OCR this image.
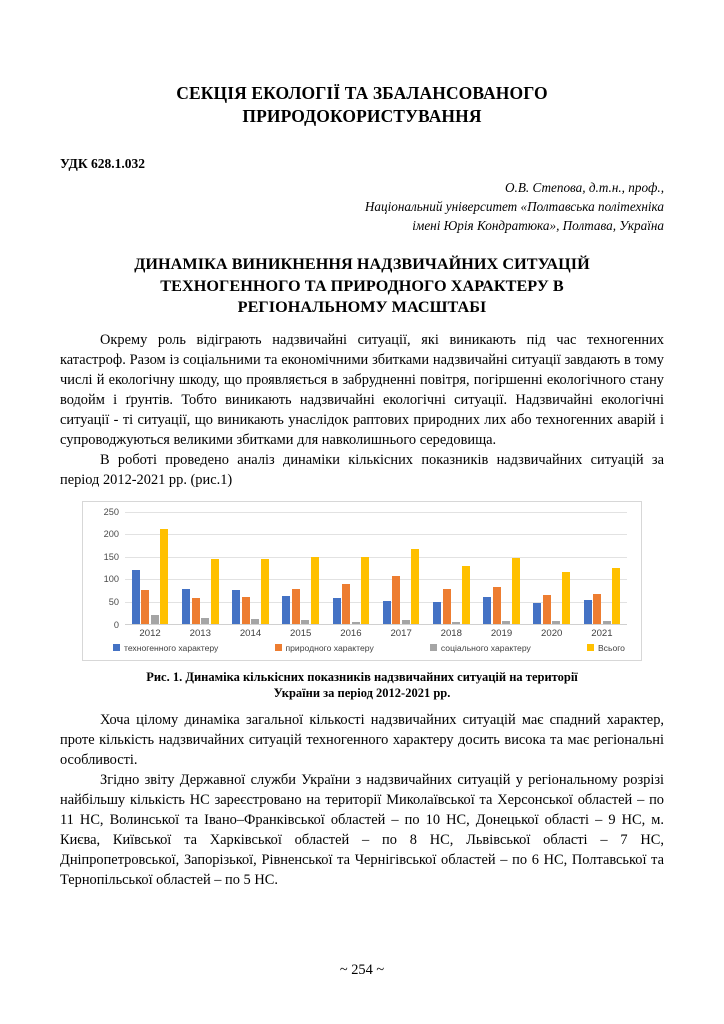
СЕКЦІЯ ЕКОЛОГІЇ ТА ЗБАЛАНСОВАНОГО
ПРИРОДОКОРИСТУВАННЯ
УДК 628.1.032
О.В. Степова, д.т.н., проф.,
Національний університет «Полтавська політехніка
імені Юрія Кондратюка», Полтава, Україна
ДИНАМІКА ВИНИКНЕННЯ НАДЗВИЧАЙНИХ СИТУАЦІЙ
ТЕХНОГЕННОГО ТА ПРИРОДНОГО ХАРАКТЕРУ В
РЕГІОНАЛЬНОМУ МАСШТАБІ

Окрему роль відіграють надзвичайні ситуації, які виникають під час техногенних катастроф. Разом із соціальними та економічними збитками надзвичайні ситуації завдають в тому числі й екологічну шкоду, що проявляється в забрудненні повітря, погіршенні екологічного стану водойм і ґрунтів. Тобто виникають надзвичайні екологічні ситуації. Надзвичайні екологічні ситуації - ті ситуації, що виникають унаслідок раптових природних лих або техногенних аварій і супроводжуються великими збитками для навколишнього середовища.

В роботі проведено аналіз динаміки кількісних показників надзвичайних ситуацій за період 2012-2021 рр. (рис.1)

250
200
150
100
50
0
2012	2013	2014	2015	2016	2017	2018	2019	2020	2021
техногенного характеру	природного характеру	соціального характеру	Всього
Рис. 1. Динаміка кількісних показників надзвичайних ситуацій на території
України за період 2012-2021 рр.

Хоча цілому динаміка загальної кількості надзвичайних ситуацій має спадний характер, проте кількість надзвичайних ситуацій техногенного характеру досить висока та має регіональні особливості.

Згідно звіту Державної служби України з надзвичайних ситуацій у регіональному розрізі найбільшу кількість НС зареєстровано на території Миколаївської та Херсонської областей – по 11 НС, Волинської та Івано–Франківської областей – по 10 НС, Донецької області – 9 НС, м. Києва, Київської та Харківської областей – по 8 НС, Львівської області – 7 НС, Дніпропетровської, Запорізької, Рівненської та Чернігівської областей – по 6 НС, Полтавської та Тернопільської областей – по 5 НС.

~ 254 ~
